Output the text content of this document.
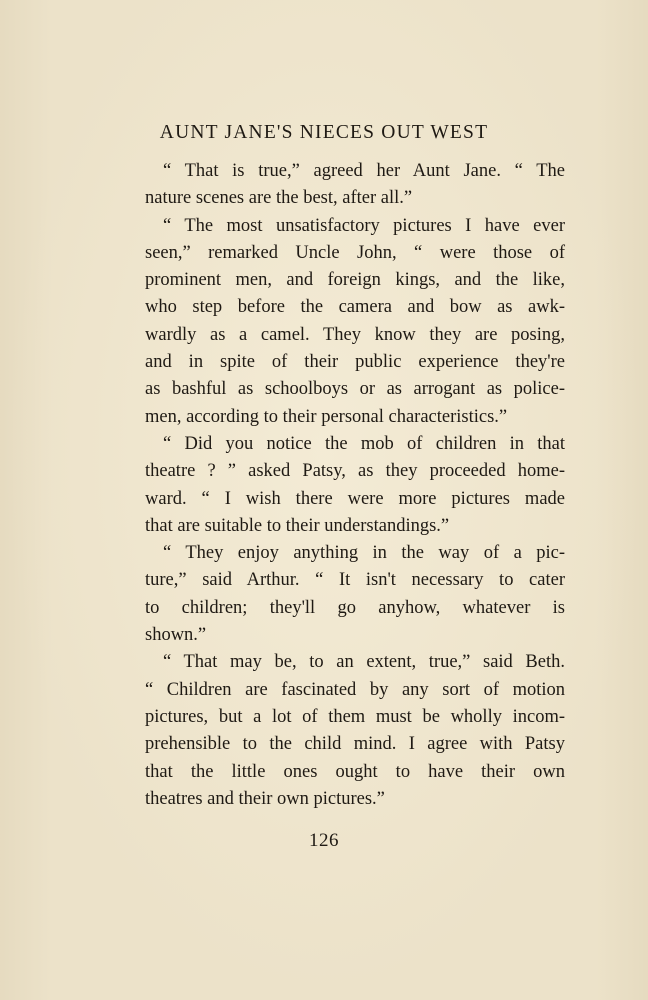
AUNT JANE'S NIECES OUT WEST
“ That is true,” agreed her Aunt Jane. “ The
nature scenes are the best, after all.”
“ The most unsatisfactory pictures I have ever
seen,” remarked Uncle John, “ were those of
prominent men, and foreign kings, and the like,
who step before the camera and bow as awk-
wardly as a camel. They know they are posing,
and in spite of their public experience they're
as bashful as schoolboys or as arrogant as police-
men, according to their personal characteristics.”
“ Did you notice the mob of children in that
theatre ? ” asked Patsy, as they proceeded home-
ward. “ I wish there were more pictures made
that are suitable to their understandings.”
“ They enjoy anything in the way of a pic-
ture,” said Arthur. “ It isn't necessary to cater
to children; they'll go anyhow, whatever is
shown.”
“ That may be, to an extent, true,” said Beth.
“ Children are fascinated by any sort of motion
pictures, but a lot of them must be wholly incom-
prehensible to the child mind. I agree with Patsy
that the little ones ought to have their own
theatres and their own pictures.”
126
